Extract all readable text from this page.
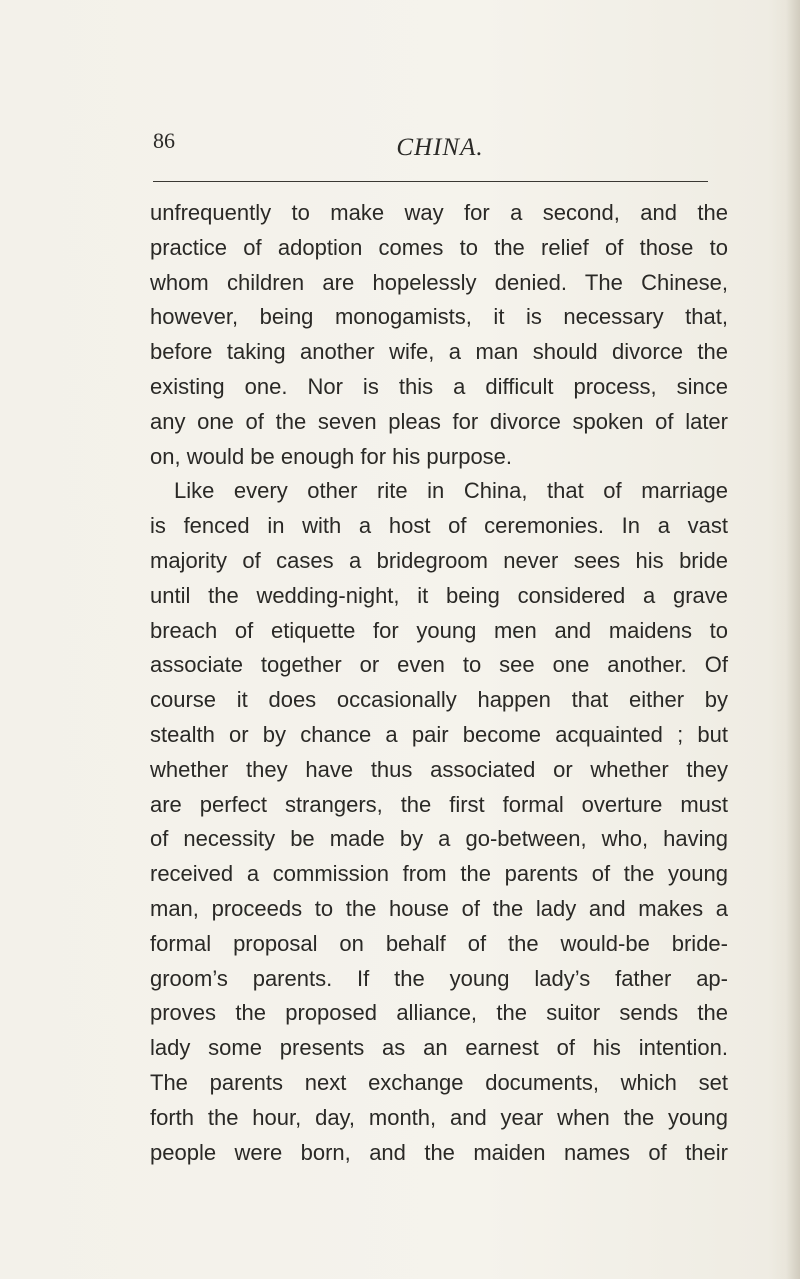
86	CHINA.
unfrequently to make way for a second, and the
practice of adoption comes to the relief of those to
whom children are hopelessly denied. The Chinese,
however, being monogamists, it is necessary that,
before taking another wife, a man should divorce the
existing one. Nor is this a difficult process, since
any one of the seven pleas for divorce spoken of later
on, would be enough for his purpose.
Like every other rite in China, that of marriage
is fenced in with a host of ceremonies. In a vast
majority of cases a bridegroom never sees his bride
until the wedding-night, it being considered a grave
breach of etiquette for young men and maidens to
associate together or even to see one another. Of
course it does occasionally happen that either by
stealth or by chance a pair become acquainted ; but
whether they have thus associated or whether they
are perfect strangers, the first formal overture must
of necessity be made by a go-between, who, having
received a commission from the parents of the young
man, proceeds to the house of the lady and makes a
formal proposal on behalf of the would-be bride-
groom’s parents. If the young lady’s father ap-
proves the proposed alliance, the suitor sends the
lady some presents as an earnest of his intention.
The parents next exchange documents, which set
forth the hour, day, month, and year when the young
people were born, and the maiden names of their
